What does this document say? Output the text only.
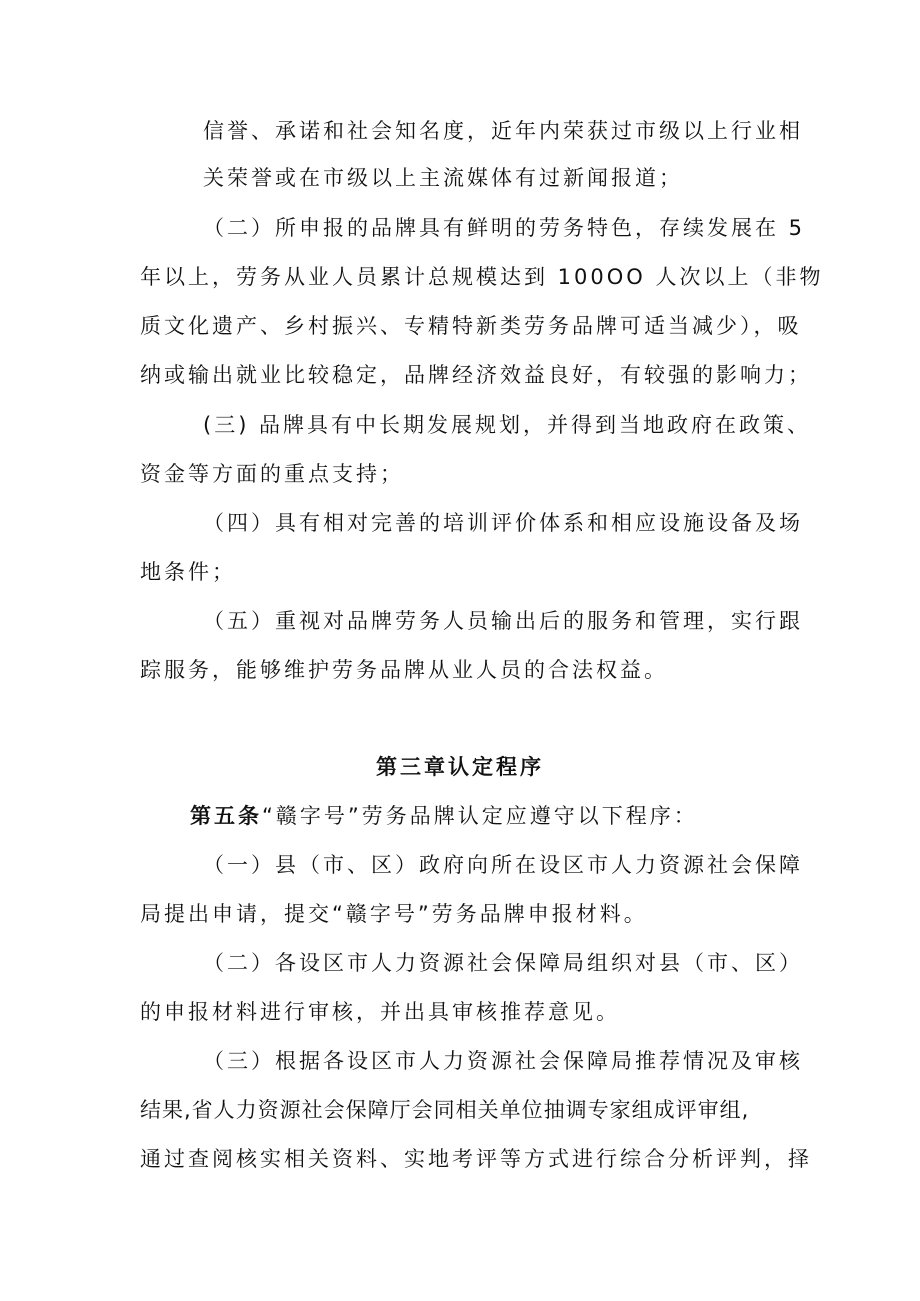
信誉、承诺和社会知名度，近年内荣获过市级以上行业相
关荣誉或在市级以上主流媒体有过新闻报道；
（二）所申报的品牌具有鲜明的劳务特色，存续发展在 5
年以上，劳务从业人员累计总规模达到 100OO 人次以上（非物
质文化遗产、乡村振兴、专精特新类劳务品牌可适当减少），吸
纳或输出就业比较稳定，品牌经济效益良好，有较强的影响力；
(三) 品牌具有中长期发展规划，并得到当地政府在政策、
资金等方面的重点支持；
（四）具有相对完善的培训评价体系和相应设施设备及场
地条件；
（五）重视对品牌劳务人员输出后的服务和管理，实行跟
踪服务，能够维护劳务品牌从业人员的合法权益。
第三章认定程序
第五条“赣字号”劳务品牌认定应遵守以下程序：
（一）县（市、区）政府向所在设区市人力资源社会保障
局提出申请，提交“赣字号”劳务品牌申报材料。
（二）各设区市人力资源社会保障局组织对县（市、区）
的申报材料进行审核，并出具审核推荐意见。
（三）根据各设区市人力资源社会保障局推荐情况及审核
结果,省人力资源社会保障厅会同相关单位抽调专家组成评审组,
通过查阅核实相关资料、实地考评等方式进行综合分析评判，择
